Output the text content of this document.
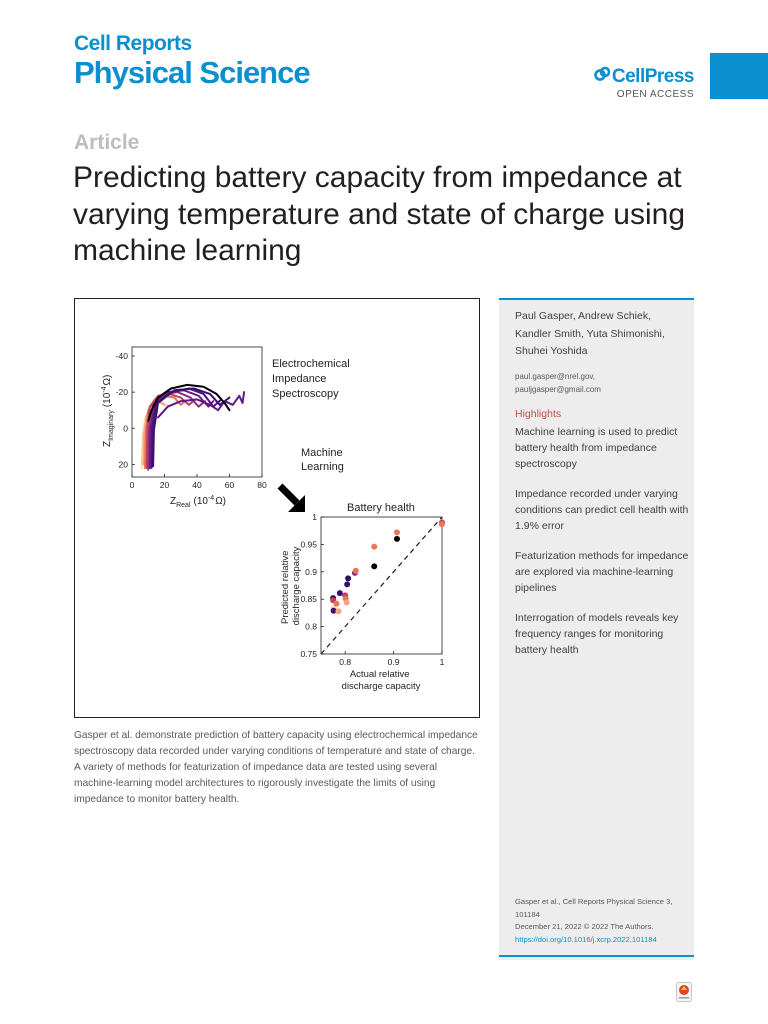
Cell Reports
Physical Science	CellPress
OPEN ACCESS
Article
Predicting battery capacity from impedance at varying temperature and state of charge using machine learning
0	20	40	60	80
-40
-20
0
20
$Z_{Real}$ $(10^{-4}\Omega)$
$Z_{Imaginary}(10^{-4}\Omega)$
Electrochemical Impedance Spectroscopy
Machine Learning
Battery health
0.8	0.9	1
1
0.95
0.9
0.85
0.8
0.75
Actual relative discharge capacity
Predicted relative discharge capacity

Gasper et al. demonstrate prediction of battery capacity using electrochemical impedance spectroscopy data recorded under varying conditions of temperature and state of charge. A variety of methods for featurization of impedance data are tested using several machine-learning model architectures to rigorously investigate the limits of using impedance to monitor battery health.

Paul Gasper, Andrew Schiek, Kandler Smith, Yuta Shimonishi, Shuhei Yoshida

paul.gasper@nrel.gov,
pauljgasper@gmail.com
Highlights
Machine learning is used to predict battery health from impedance spectroscopy
Impedance recorded under varying conditions can predict cell health with 1.9% error
Featurization methods for impedance are explored via machine-learning pipelines
Interrogation of models reveals key frequency ranges for monitoring battery health
Gasper et al., Cell Reports Physical Science 3,
101184
December 21, 2022 © 2022 The Authors.
https://doi.org/10.1016/j.xcrp.2022.101184
